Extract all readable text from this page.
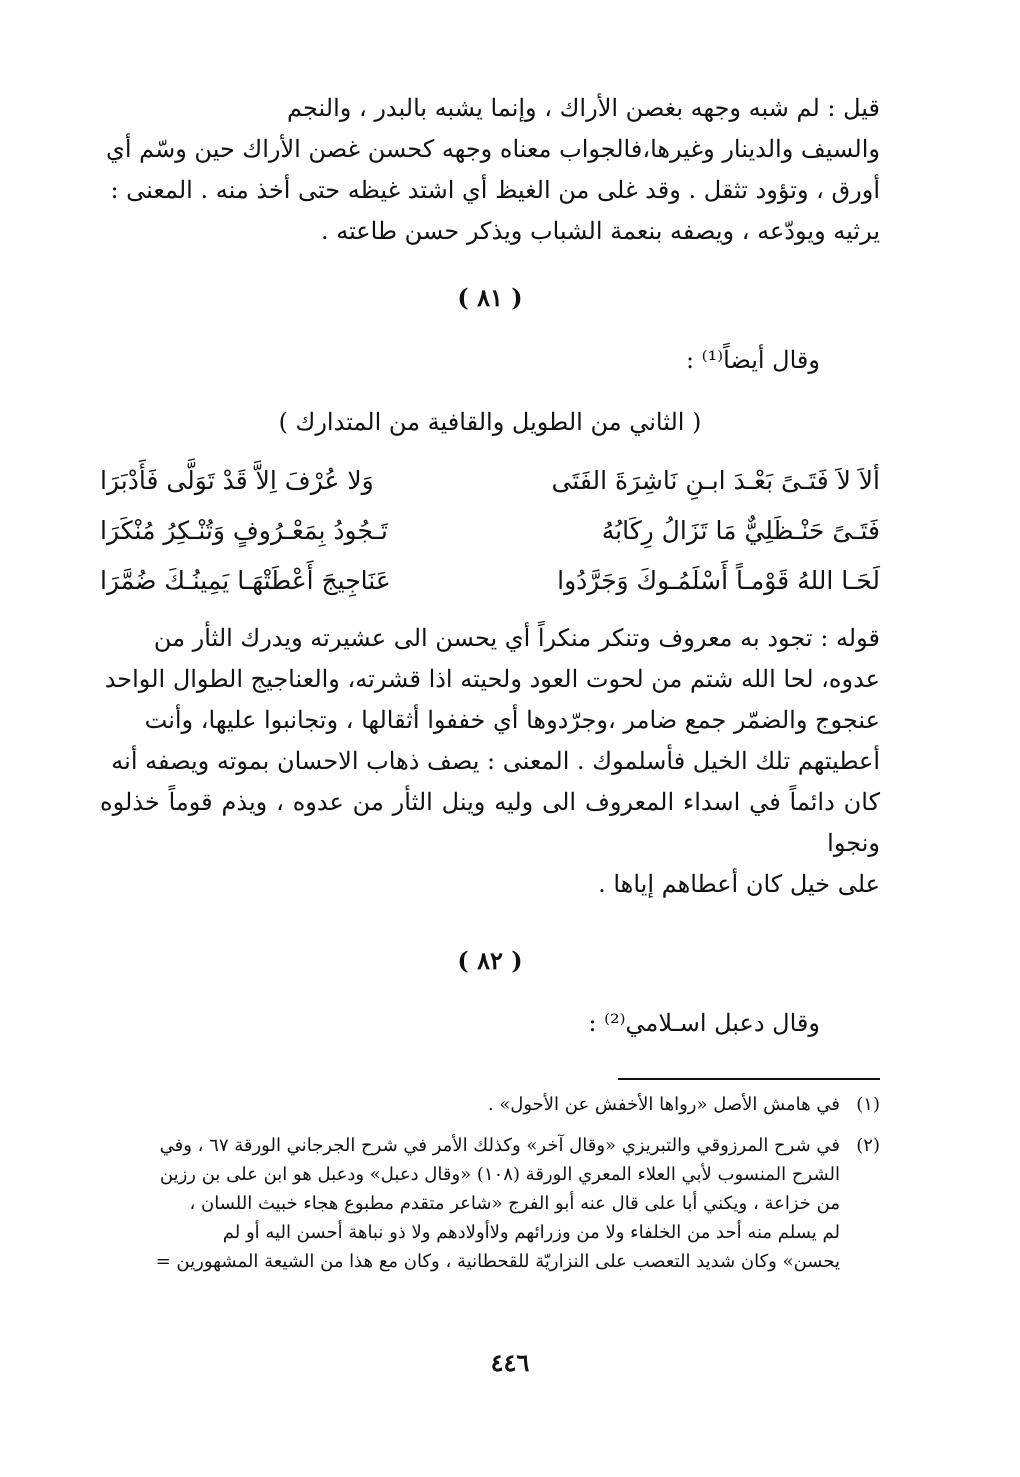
قيل : لم شبه وجهه بغصن الأراك ، وإنما يشبه بالبدر ، والنجم

والسيف والدينار وغيرها،فالجواب معناه وجهه كحسن غصن الأراك حين وسّم أي

أورق ، وتؤود تثقل . وقد غلى من الغيظ أي اشتد غيظه حتى أخذ منه . المعنى :

يرثيه ويودّعه ، ويصفه بنعمة الشباب ويذكر حسن طاعته .

( ٨١ )
وقال أيضاً⁽¹⁾ :
( الثاني من الطويل والقافية من المتدارك )
ألاَ لاَ فَتَـىً بَعْـدَ ابـنِ نَاشِرَةَ الفَتَى
وَلا عُرْفَ اِلاَّ قَدْ تَوَلَّى فَأَدْبَرَا
فَتَـىً حَنْـظَلِيٌّ مَا تَزَالُ رِكَابُهُ
تَـجُودُ بِمَعْـرُوفٍ وَتُنْـكِرُ مُنْكَرَا
لَحَـا اللهُ قَوْمـاً أَسْلَمُـوكَ وَجَرَّدُوا
عَنَاجِيجَ أَعْطَتْهَـا يَمِينُـكَ ضُمَّرَا

قوله : تجود به معروف وتنكر منكراً أي يحسن الى عشيرته ويدرك الثأر من

عدوه، لحا الله شتم من لحوت العود ولحيته اذا قشرته، والعناجيج الطوال الواحد

عنجوج والضمّر جمع ضامر ،وجرّدوها أي خففوا أثقالها ، وتجانبوا عليها، وأنت

أعطيتهم تلك الخيل فأسلموك . المعنى : يصف ذهاب الاحسان بموته ويصفه أنه

كان دائماً في اسداء المعروف الى وليه وينل الثأر من عدوه ، ويذم قوماً خذلوه ونجوا

على خيل كان أعطاهم إياها .

( ٨٢ )
وقال دعبل اسـلامي⁽²⁾ :
(١)
في هامش الأصل «رواها الأخفش عن الأحول» .
(٢)
في شرح المرزوقي والتبريزي «وقال آخر» وكذلك الأمر في شرح الجرجاني الورقة ٦٧ ، وفي
الشرح المنسوب لأبي العلاء المعري الورقة (١٠٨) «وقال دعبل» ودعبل هو ابن على بن رزين
من خزاعة ، ويكني أبا على قال عنه أبو الفرج «شاعر متقدم مطبوع هجاء خبيث اللسان ،
لم يسلم منه أحد من الخلفاء ولا من وزرائهم ولاأولادهم ولا ذو نباهة أحسن اليه أو لم
يحسن» وكان شديد التعصب على النزاريّة للقحطانية ، وكان مع هذا من الشيعة المشهورين =
٤٤٦
